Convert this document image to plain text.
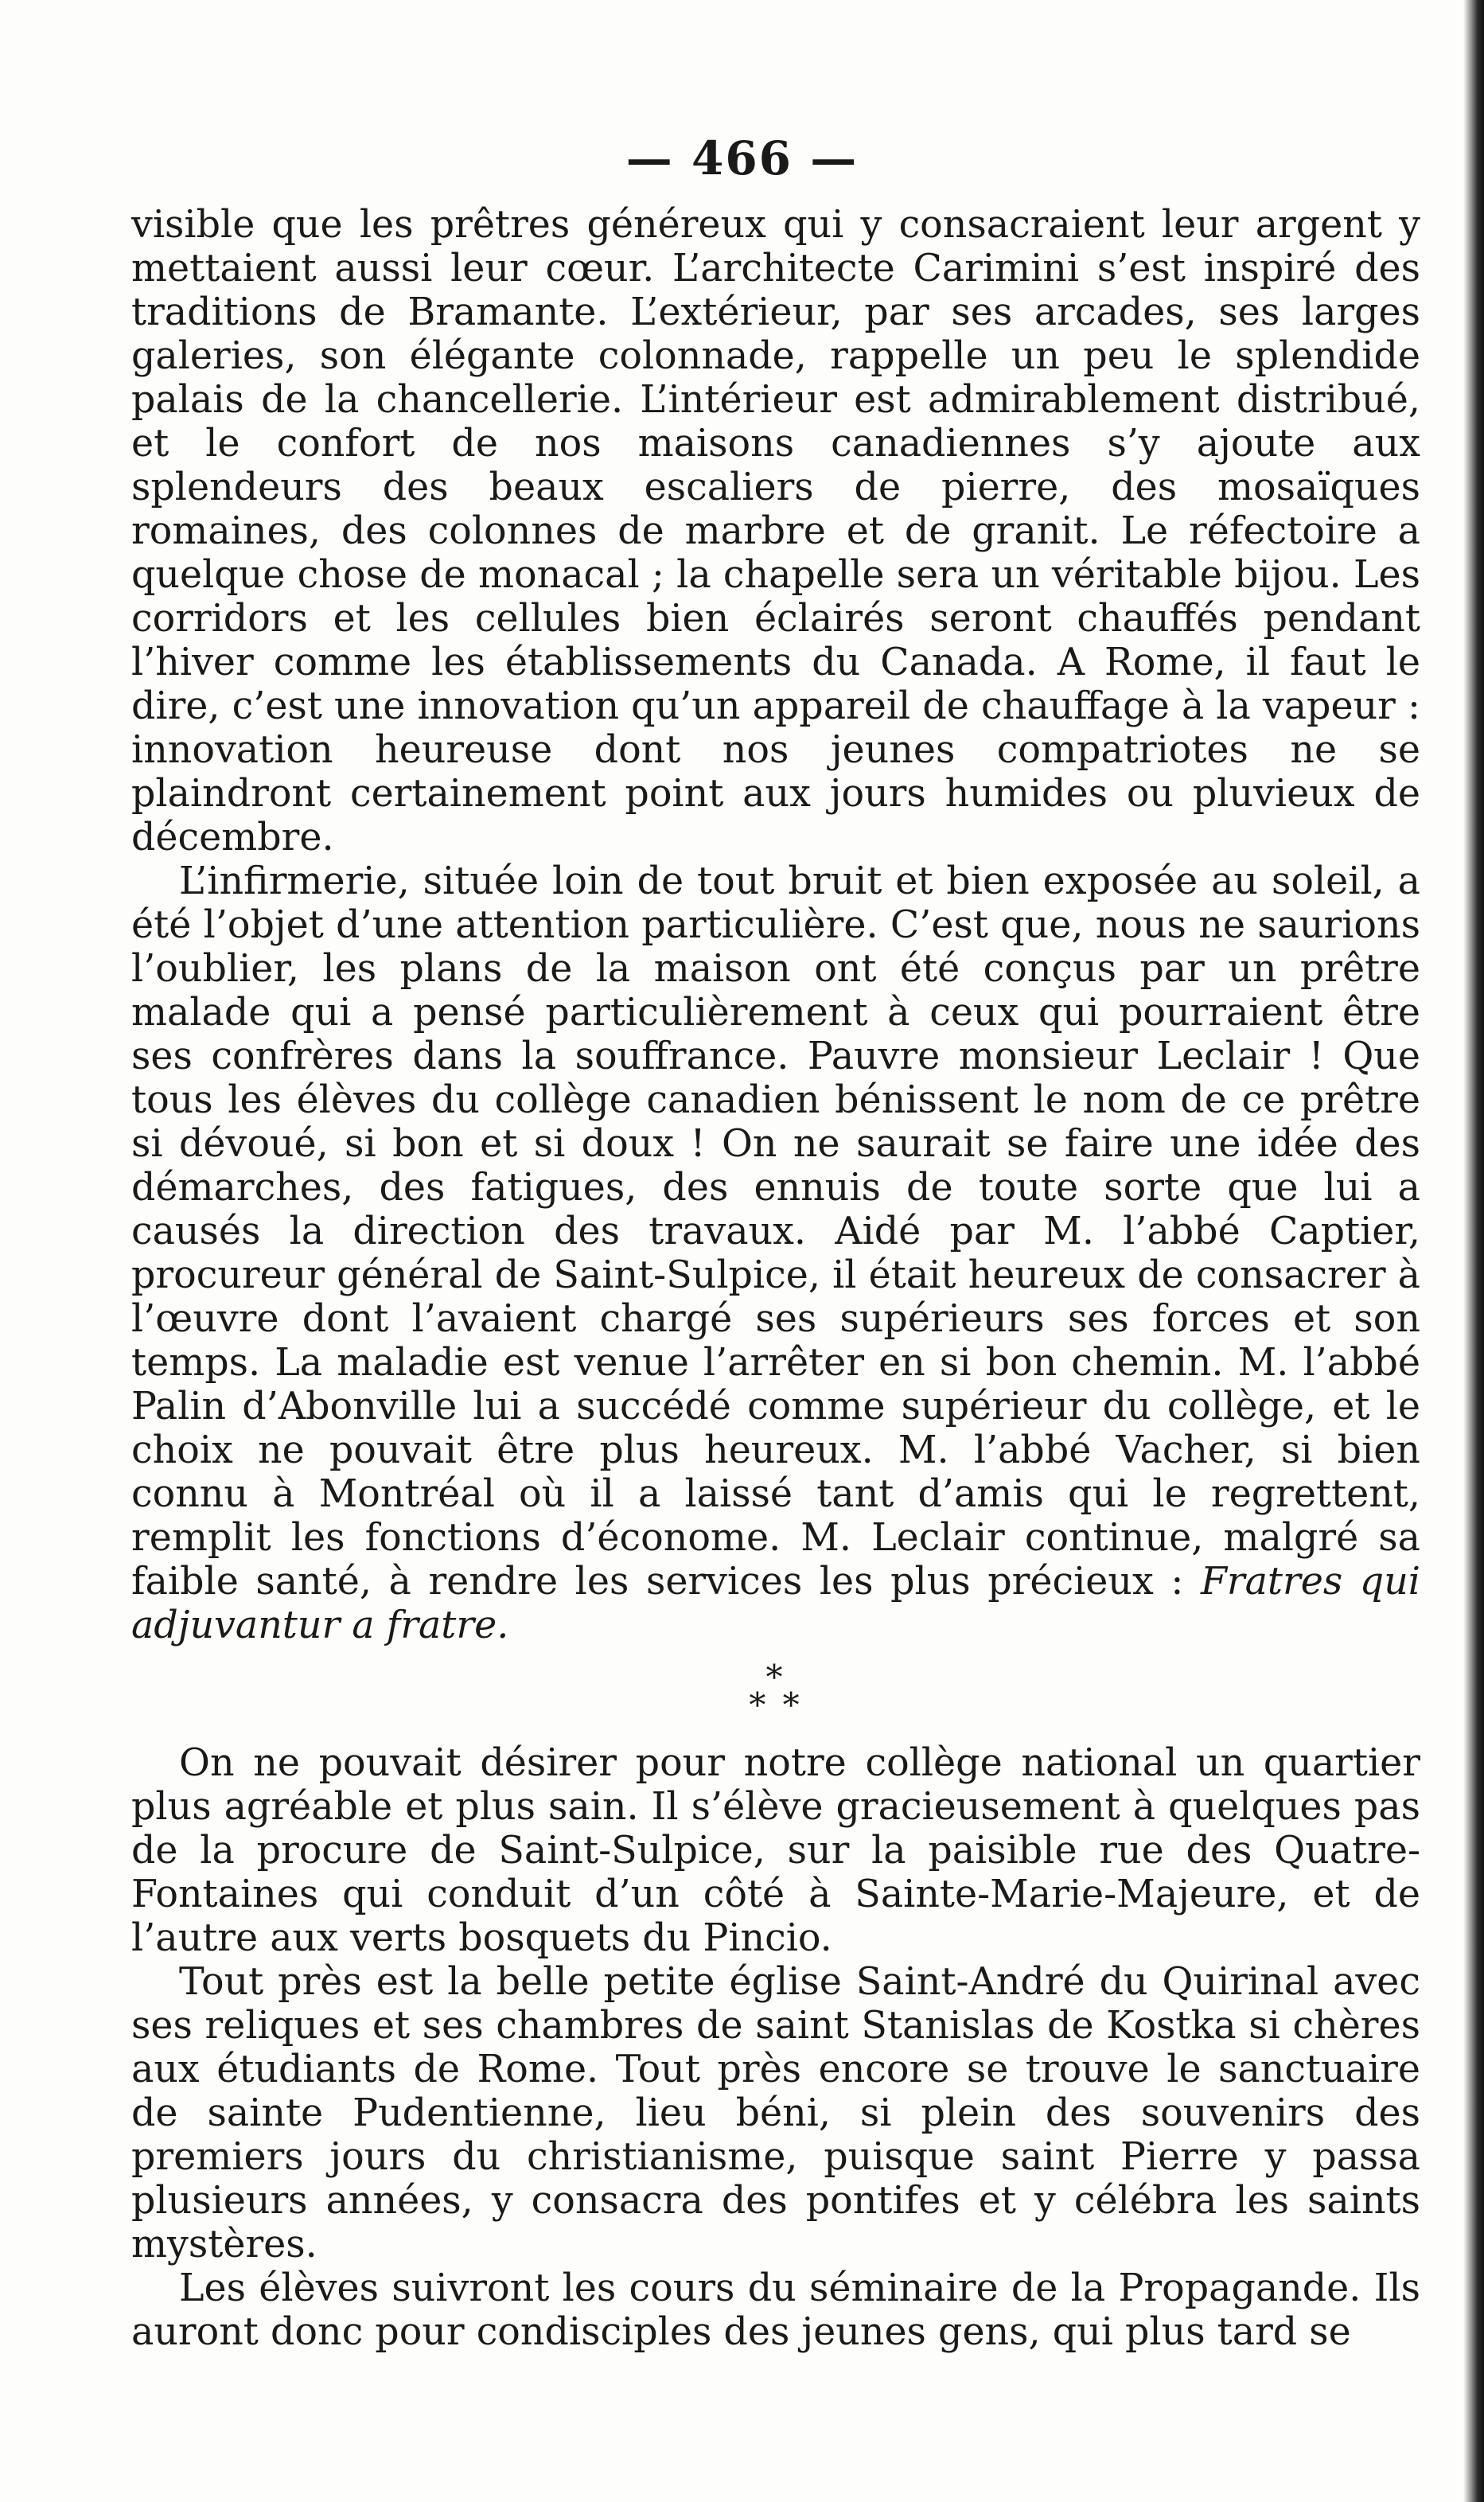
— 466 —

visible que les prêtres généreux qui y consacraient leur argent y mettaient aussi leur cœur. L’architecte Carimini s’est inspiré des traditions de Bramante. L’extérieur, par ses arcades, ses larges galeries, son élégante colonnade, rappelle un peu le splendide palais de la chancellerie. L’intérieur est admirablement distribué, et le confort de nos maisons canadiennes s’y ajoute aux splendeurs des beaux escaliers de pierre, des mosaïques romaines, des colonnes de marbre et de granit. Le réfectoire a quelque chose de monacal ; la chapelle sera un véritable bijou. Les corridors et les cellules bien éclairés seront chauffés pendant l’hiver comme les établissements du Canada. A Rome, il faut le dire, c’est une innovation qu’un appareil de chauffage à la vapeur : innovation heureuse dont nos jeunes compatriotes ne se plaindront certainement point aux jours humides ou pluvieux de décembre.

L’infirmerie, située loin de tout bruit et bien exposée au soleil, a été l’objet d’une attention particulière. C’est que, nous ne saurions l’oublier, les plans de la maison ont été conçus par un prêtre malade qui a pensé particulièrement à ceux qui pourraient être ses confrères dans la souffrance. Pauvre monsieur Leclair ! Que tous les élèves du collège canadien bénissent le nom de ce prêtre si dévoué, si bon et si doux ! On ne saurait se faire une idée des démarches, des fatigues, des ennuis de toute sorte que lui a causés la direction des travaux. Aidé par M. l’abbé Captier, procureur général de Saint-Sulpice, il était heureux de consacrer à l’œuvre dont l’avaient chargé ses supérieurs ses forces et son temps. La maladie est venue l’arrêter en si bon chemin. M. l’abbé Palin d’Abonville lui a succédé comme supérieur du collège, et le choix ne pouvait être plus heureux. M. l’abbé Vacher, si bien connu à Montréal où il a laissé tant d’amis qui le regrettent, remplit les fonctions d’économe. M. Leclair continue, malgré sa faible santé, à rendre les services les plus précieux : Fratres qui adjuvantur a fratre.

*
* *

On ne pouvait désirer pour notre collège national un quartier plus agréable et plus sain. Il s’élève gracieusement à quelques pas de la procure de Saint-Sulpice, sur la paisible rue des Quatre-Fontaines qui conduit d’un côté à Sainte-Marie-Majeure, et de l’autre aux verts bosquets du Pincio.

Tout près est la belle petite église Saint-André du Quirinal avec ses reliques et ses chambres de saint Stanislas de Kostka si chères aux étudiants de Rome. Tout près encore se trouve le sanctuaire de sainte Pudentienne, lieu béni, si plein des souvenirs des premiers jours du christianisme, puisque saint Pierre y passa plusieurs années, y consacra des pontifes et y célébra les saints mystères.

Les élèves suivront les cours du séminaire de la Propagande. Ils auront donc pour condisciples des jeunes gens, qui plus tard se
